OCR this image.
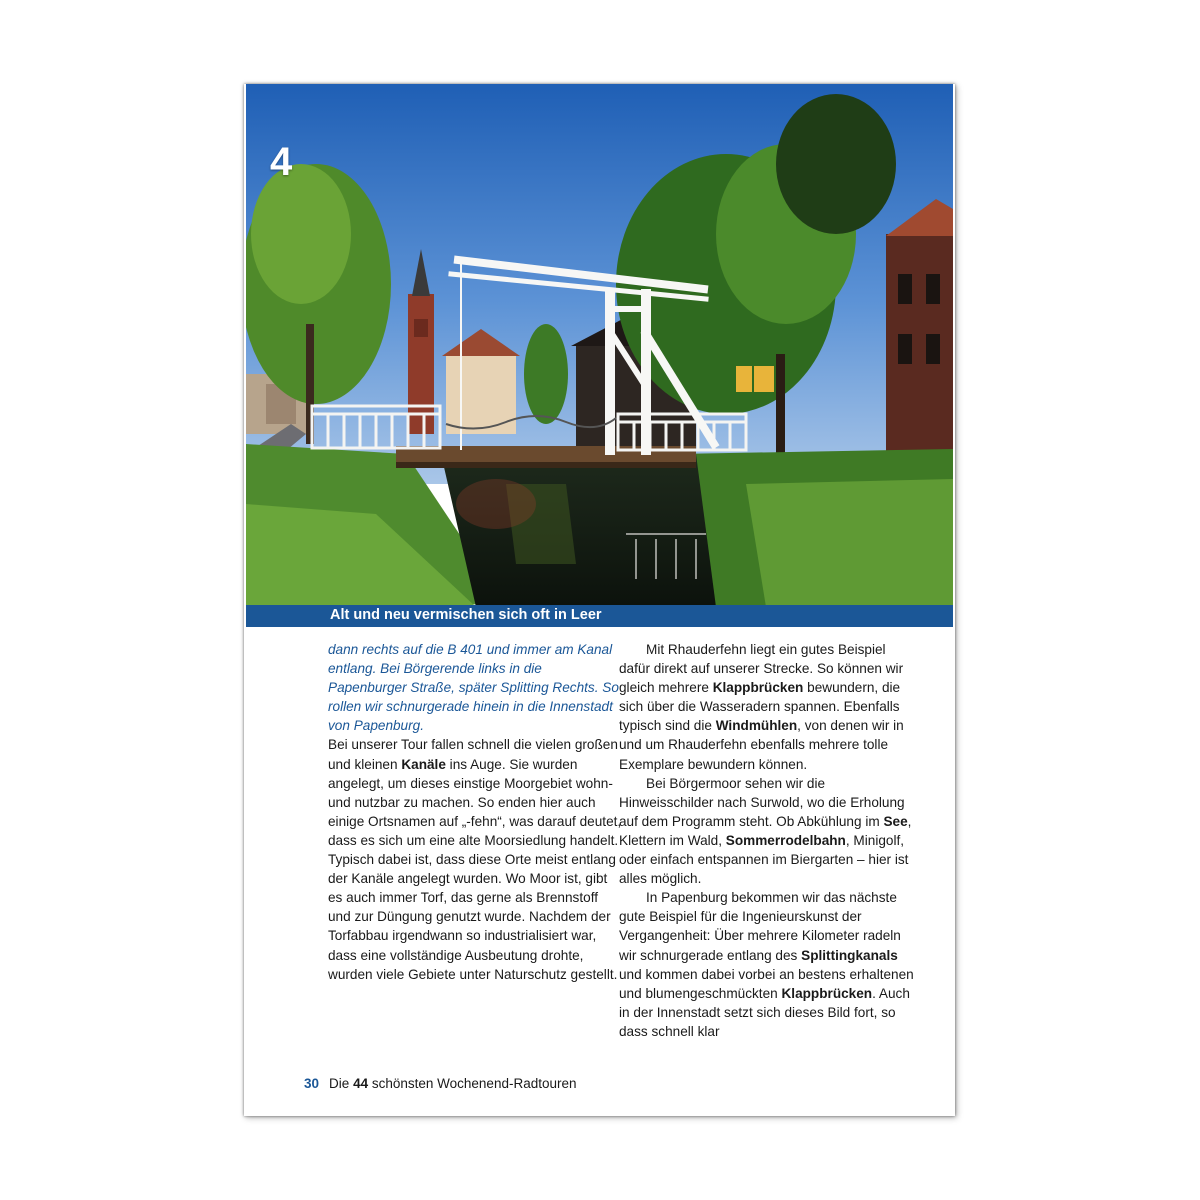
4
Alt und neu vermischen sich oft in Leer

dann rechts auf die B 401 und immer am Kanal entlang. Bei Börgerende links in die Papenburger Straße, später Splitting Rechts. So rollen wir schnurgerade hinein in die Innenstadt von Papenburg.

Bei unserer Tour fallen schnell die vielen großen und kleinen Kanäle ins Auge. Sie wurden angelegt, um dieses einstige Moorgebiet wohn- und nutzbar zu machen. So enden hier auch einige Ortsnamen auf „-fehn“, was darauf deutet, dass es sich um eine alte Moorsiedlung handelt. Typisch dabei ist, dass diese Orte meist entlang der Kanäle angelegt wurden. Wo Moor ist, gibt es auch immer Torf, das gerne als Brennstoff und zur Düngung genutzt wurde. Nachdem der Torfabbau irgendwann so industrialisiert war, dass eine vollständige Ausbeutung drohte, wurden viele Gebiete unter Naturschutz gestellt.

Mit Rhauderfehn liegt ein gutes Beispiel dafür direkt auf unserer Strecke. So können wir gleich mehrere Klappbrücken bewundern, die sich über die Wasseradern spannen. Ebenfalls typisch sind die Windmühlen, von denen wir in und um Rhauderfehn ebenfalls mehrere tolle Exemplare bewundern können.

Bei Börgermoor sehen wir die Hinweisschilder nach Surwold, wo die Erholung auf dem Programm steht. Ob Abkühlung im See, Klettern im Wald, Sommerrodelbahn, Minigolf, oder einfach entspannen im Biergarten – hier ist alles möglich.

In Papenburg bekommen wir das nächste gute Beispiel für die Ingenieurskunst der Vergangenheit: Über mehrere Kilometer radeln wir schnurgerade entlang des Splittingkanals und kommen dabei vorbei an bestens erhaltenen und blumengeschmückten Klappbrücken. Auch in der Innenstadt setzt sich dieses Bild fort, so dass schnell klar

30 Die 44 schönsten Wochenend-Radtouren
